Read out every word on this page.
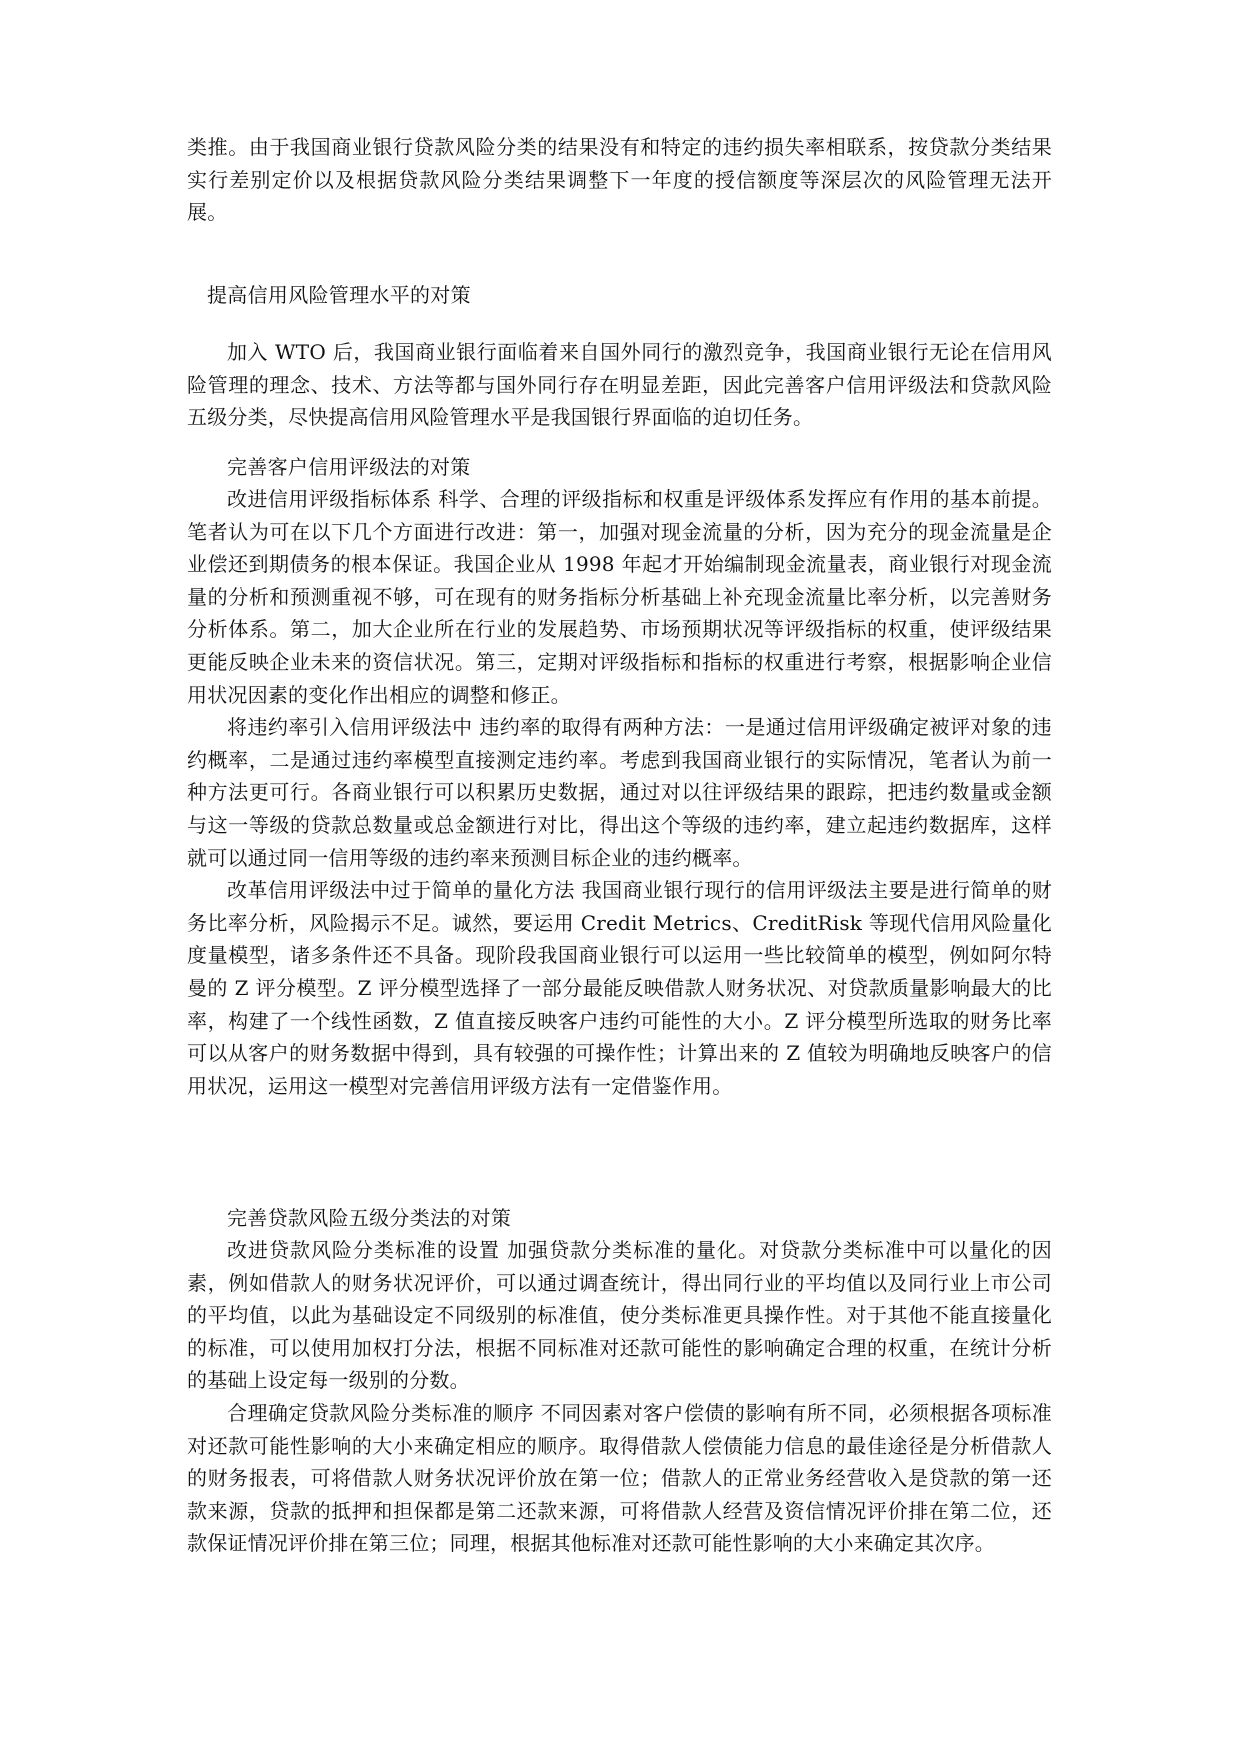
类推。由于我国商业银行贷款风险分类的结果没有和特定的违约损失率相联系，按贷款分类结果实行差别定价以及根据贷款风险分类结果调整下一年度的授信额度等深层次的风险管理无法开展。

提高信用风险管理水平的对策

加入 WTO 后，我国商业银行面临着来自国外同行的激烈竞争，我国商业银行无论在信用风险管理的理念、技术、方法等都与国外同行存在明显差距，因此完善客户信用评级法和贷款风险五级分类，尽快提高信用风险管理水平是我国银行界面临的迫切任务。

完善客户信用评级法的对策

改进信用评级指标体系 科学、合理的评级指标和权重是评级体系发挥应有作用的基本前提。笔者认为可在以下几个方面进行改进：第一，加强对现金流量的分析，因为充分的现金流量是企业偿还到期债务的根本保证。我国企业从 1998 年起才开始编制现金流量表，商业银行对现金流量的分析和预测重视不够，可在现有的财务指标分析基础上补充现金流量比率分析，以完善财务分析体系。第二，加大企业所在行业的发展趋势、市场预期状况等评级指标的权重，使评级结果更能反映企业未来的资信状况。第三，定期对评级指标和指标的权重进行考察，根据影响企业信用状况因素的变化作出相应的调整和修正。

将违约率引入信用评级法中 违约率的取得有两种方法：一是通过信用评级确定被评对象的违约概率，二是通过违约率模型直接测定违约率。考虑到我国商业银行的实际情况，笔者认为前一种方法更可行。各商业银行可以积累历史数据，通过对以往评级结果的跟踪，把违约数量或金额与这一等级的贷款总数量或总金额进行对比，得出这个等级的违约率，建立起违约数据库，这样就可以通过同一信用等级的违约率来预测目标企业的违约概率。

改革信用评级法中过于简单的量化方法 我国商业银行现行的信用评级法主要是进行简单的财务比率分析，风险揭示不足。诚然，要运用 Credit Metrics、CreditRisk 等现代信用风险量化度量模型，诸多条件还不具备。现阶段我国商业银行可以运用一些比较简单的模型，例如阿尔特曼的 Z 评分模型。Z 评分模型选择了一部分最能反映借款人财务状况、对贷款质量影响最大的比率，构建了一个线性函数，Z 值直接反映客户违约可能性的大小。Z 评分模型所选取的财务比率可以从客户的财务数据中得到，具有较强的可操作性；计算出来的 Z 值较为明确地反映客户的信用状况，运用这一模型对完善信用评级方法有一定借鉴作用。

完善贷款风险五级分类法的对策

改进贷款风险分类标准的设置 加强贷款分类标准的量化。对贷款分类标准中可以量化的因素，例如借款人的财务状况评价，可以通过调查统计，得出同行业的平均值以及同行业上市公司的平均值，以此为基础设定不同级别的标准值，使分类标准更具操作性。对于其他不能直接量化的标准，可以使用加权打分法，根据不同标准对还款可能性的影响确定合理的权重，在统计分析的基础上设定每一级别的分数。

合理确定贷款风险分类标准的顺序 不同因素对客户偿债的影响有所不同，必须根据各项标准对还款可能性影响的大小来确定相应的顺序。取得借款人偿债能力信息的最佳途径是分析借款人的财务报表，可将借款人财务状况评价放在第一位；借款人的正常业务经营收入是贷款的第一还款来源，贷款的抵押和担保都是第二还款来源，可将借款人经营及资信情况评价排在第二位，还款保证情况评价排在第三位；同理，根据其他标准对还款可能性影响的大小来确定其次序。
